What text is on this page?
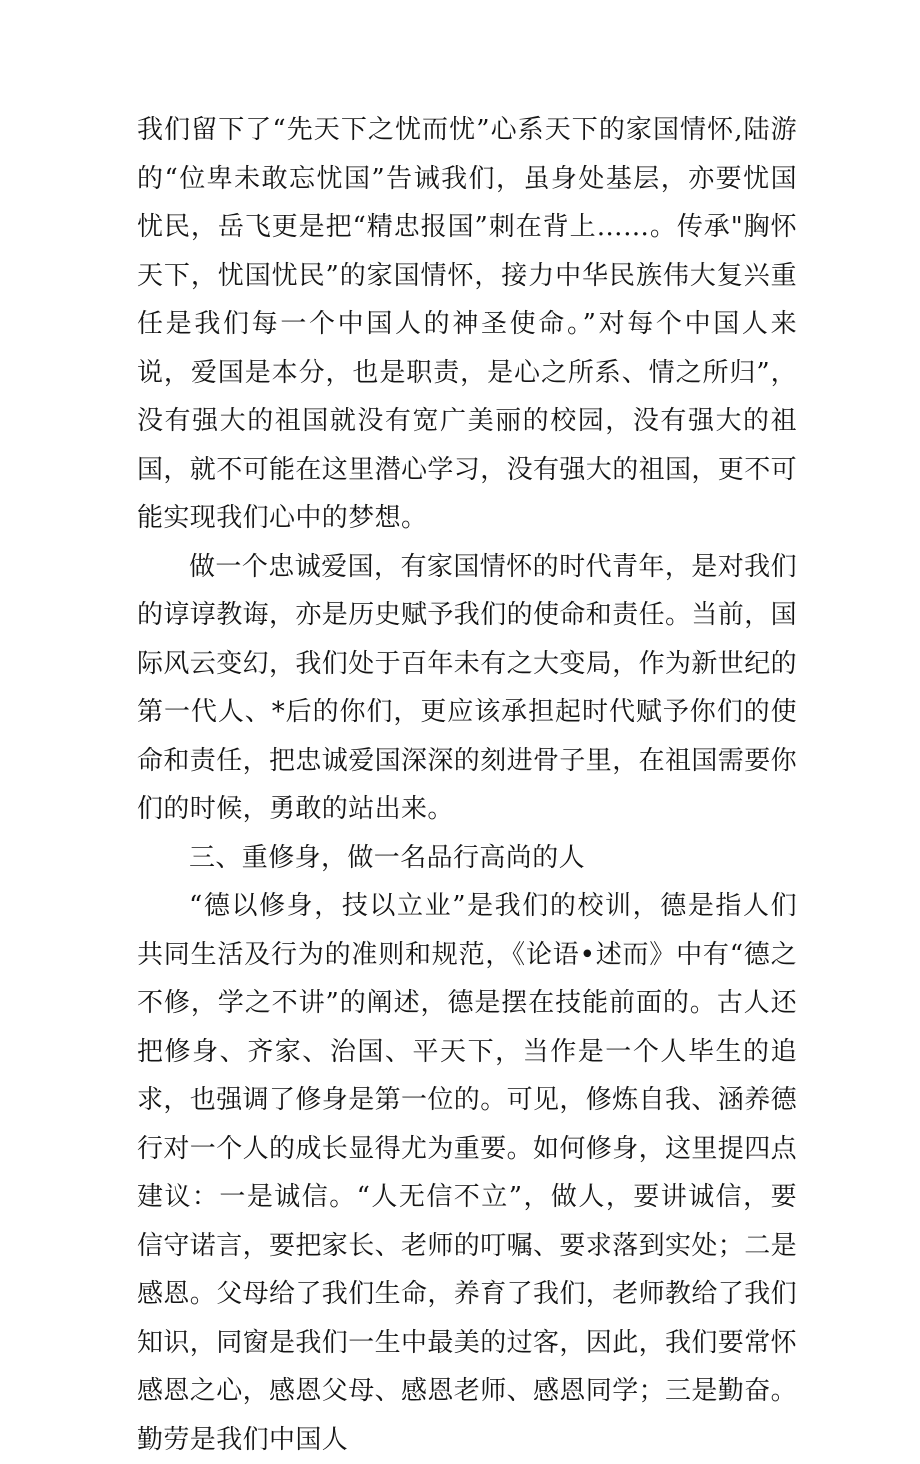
我们留下了“先天下之忧而忧”心系天下的家国情怀,陆游的“位卑未敢忘忧国”告诫我们，虽身处基层，亦要忧国忧民，岳飞更是把“精忠报国”刺在背上……。传承"胸怀天下，忧国忧民”的家国情怀，接力中华民族伟大复兴重任是我们每一个中国人的神圣使命。”对每个中国人来说，爱国是本分，也是职责，是心之所系、情之所归”，没有强大的祖国就没有宽广美丽的校园，没有强大的祖国，就不可能在这里潜心学习，没有强大的祖国，更不可能实现我们心中的梦想。

做一个忠诚爱国，有家国情怀的时代青年，是对我们的谆谆教诲，亦是历史赋予我们的使命和责任。当前，国际风云变幻，我们处于百年未有之大变局，作为新世纪的第一代人、*后的你们，更应该承担起时代赋予你们的使命和责任，把忠诚爱国深深的刻进骨子里，在祖国需要你们的时候，勇敢的站出来。

三、重修身，做一名品行高尚的人

“德以修身，技以立业”是我们的校训，德是指人们共同生活及行为的准则和规范，《论语•述而》中有“德之不修，学之不讲”的阐述，德是摆在技能前面的。古人还把修身、齐家、治国、平天下，当作是一个人毕生的追求，也强调了修身是第一位的。可见，修炼自我、涵养德行对一个人的成长显得尤为重要。如何修身，这里提四点建议：一是诚信。“人无信不立”，做人，要讲诚信，要信守诺言，要把家长、老师的叮嘱、要求落到实处；二是感恩。父母给了我们生命，养育了我们，老师教给了我们知识，同窗是我们一生中最美的过客，因此，我们要常怀感恩之心，感恩父母、感恩老师、感恩同学；三是勤奋。勤劳是我们中国人
